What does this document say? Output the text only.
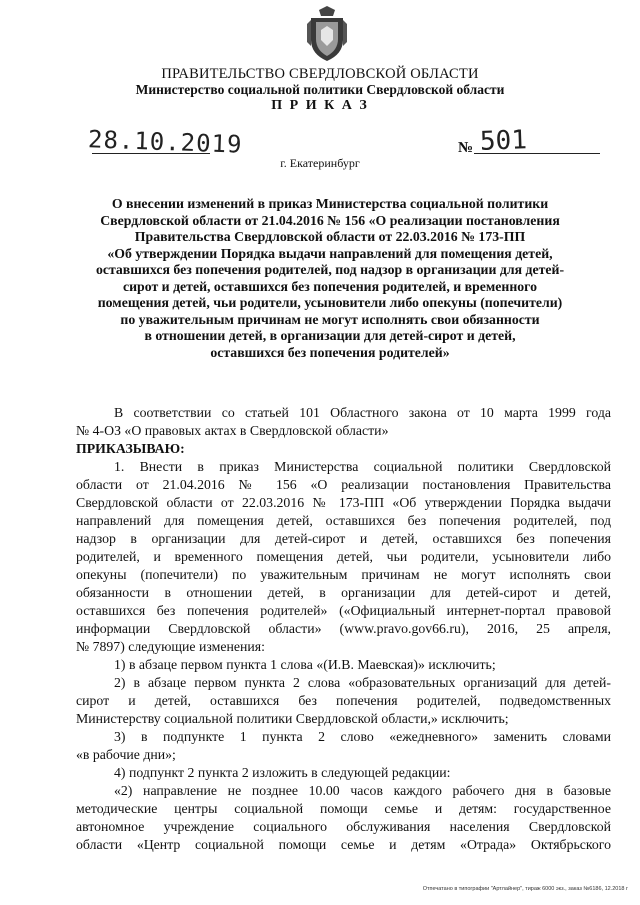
ПРАВИТЕЛЬСТВО СВЕРДЛОВСКОЙ ОБЛАСТИ
Министерство социальной политики Свердловской области
П Р И К А З
28.10.2019	№ 501
г. Екатеринбург
О внесении изменений в приказ Министерства социальной политики
Свердловской области от 21.04.2016 № 156 «О реализации постановления
Правительства Свердловской области от 22.03.2016 № 173-ПП
«Об утверждении Порядка выдачи направлений для помещения детей,
оставшихся без попечения родителей, под надзор в организации для детей-
сирот и детей, оставшихся без попечения родителей, и временного
помещения детей, чьи родители, усыновители либо опекуны (попечители)
по уважительным причинам не могут исполнять свои обязанности
в отношении детей, в организации для детей-сирот и детей,
оставшихся без попечения родителей»
В соответствии со статьей 101 Областного закона от 10 марта 1999 года
№ 4-ОЗ «О правовых актах в Свердловской области»
ПРИКАЗЫВАЮ:
1. Внести в приказ Министерства социальной политики Свердловской
области от 21.04.2016 № 156 «О реализации постановления Правительства
Свердловской области от 22.03.2016 № 173-ПП «Об утверждении Порядка выдачи
направлений для помещения детей, оставшихся без попечения родителей, под
надзор в организации для детей-сирот и детей, оставшихся без попечения
родителей, и временного помещения детей, чьи родители, усыновители либо
опекуны (попечители) по уважительным причинам не могут исполнять свои
обязанности в отношении детей, в организации для детей-сирот и детей,
оставшихся без попечения родителей» («Официальный интернет-портал правовой
информации Свердловской области» (www.pravo.gov66.ru), 2016, 25 апреля,
№ 7897) следующие изменения:
1) в абзаце первом пункта 1 слова «(И.В. Маевская)» исключить;
2) в абзаце первом пункта 2 слова «образовательных организаций для детей-
сирот и детей, оставшихся без попечения родителей, подведомственных
Министерству социальной политики Свердловской области,» исключить;
3) в подпункте 1 пункта 2 слово «ежедневного» заменить словами
«в рабочие дни»;
4) подпункт 2 пункта 2 изложить в следующей редакции:
«2) направление не позднее 10.00 часов каждого рабочего дня в базовые
методические центры социальной помощи семье и детям: государственное
автономное учреждение социального обслуживания населения Свердловской
области «Центр социальной помощи семье и детям «Отрада» Октябрьского
Отпечатано в типографии "Артлайнер", тираж 6000 экз., заказ №6186, 12.2018 г
